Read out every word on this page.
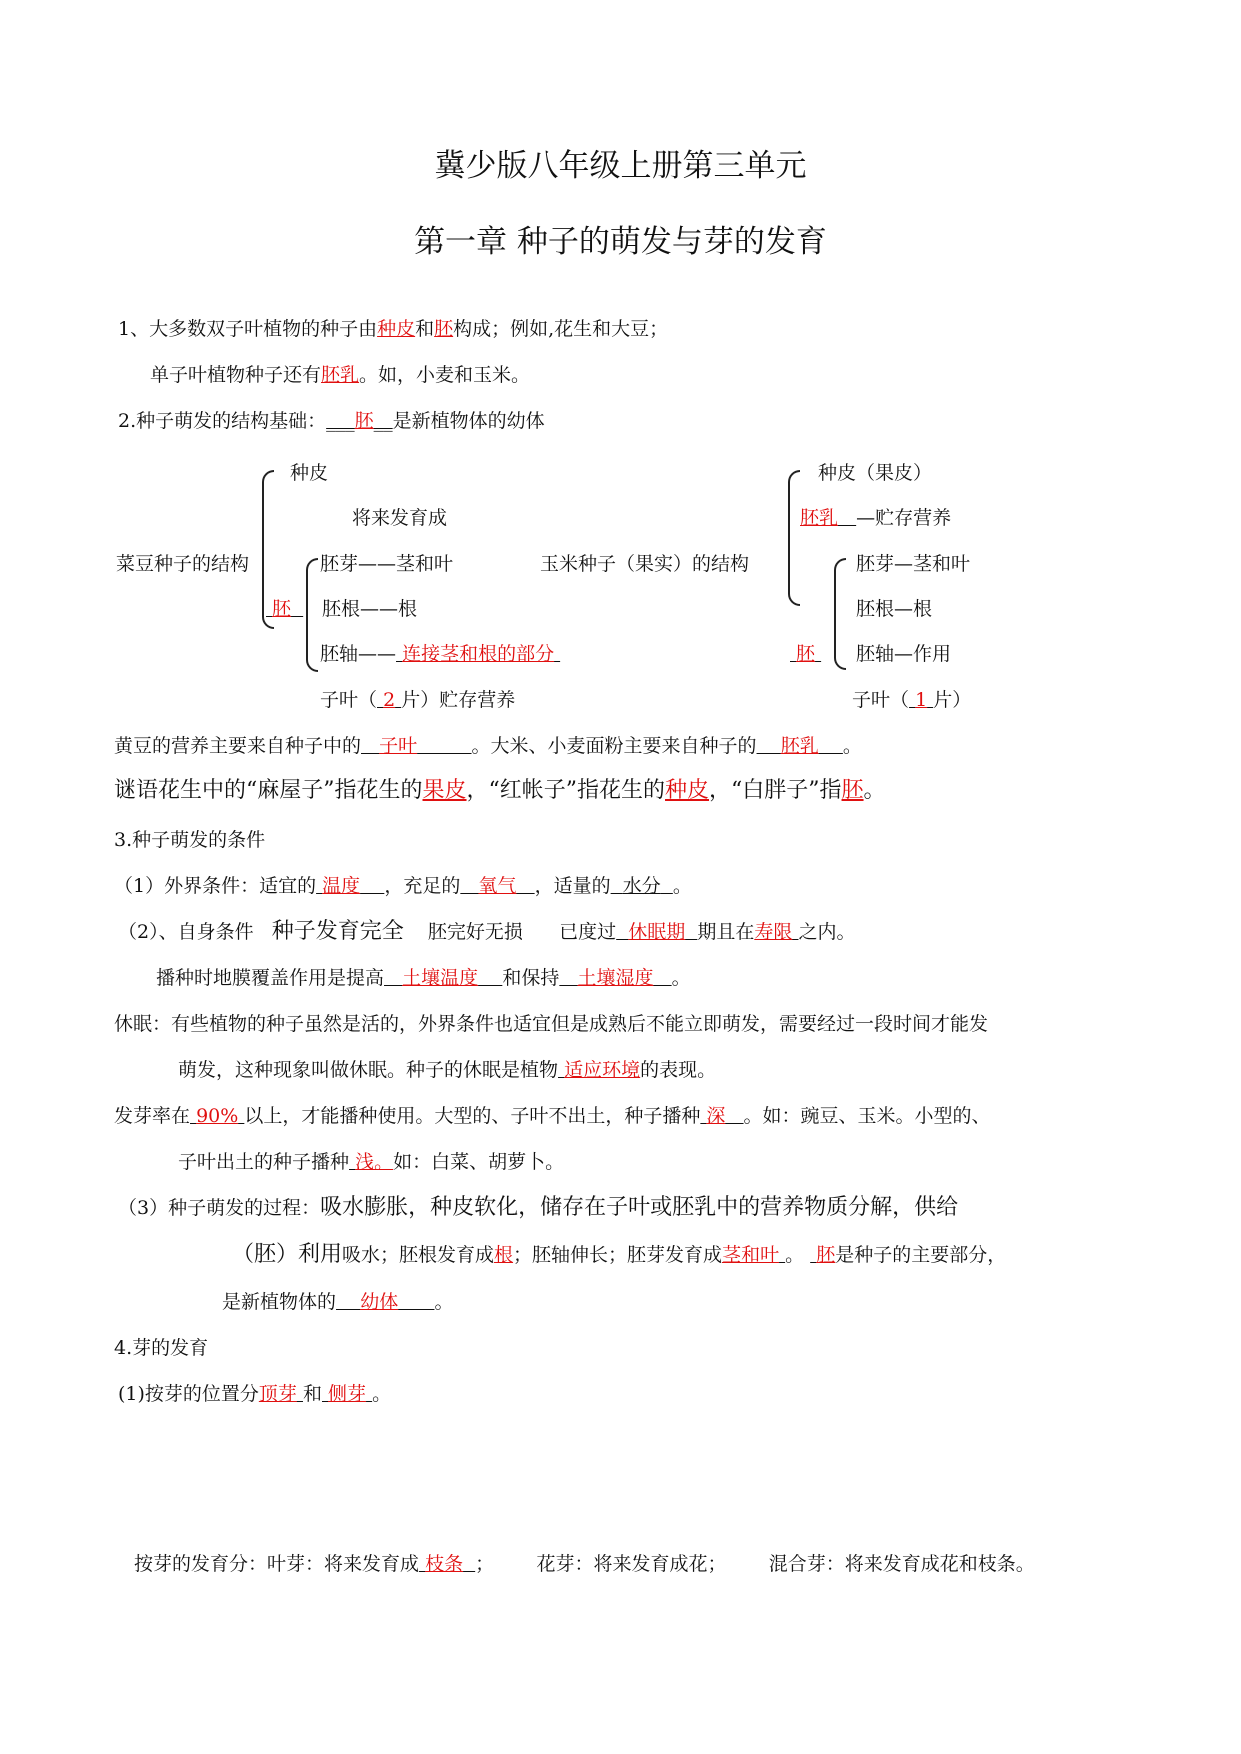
冀少版八年级上册第三单元
第一章 种子的萌发与芽的发育
1、大多数双子叶植物的种子由种皮和胚构成；例如,花生和大豆；
单子叶植物种子还有胚乳。如，小麦和玉米。
2.种子萌发的结构基础：___胚__是新植物体的幼体
种皮
将来发育成
菜豆种子的结构	胚芽——茎和叶
胚	胚根——根
胚轴—— 连接茎和根的部分
子叶（ 2 片）贮存营养
种皮（果皮）
胚乳 —贮存营养
玉米种子（果实）的结构	胚芽—茎和叶
胚根—根
胚	胚轴—作用
子叶（ 1 片）
黄豆的营养主要来自种子中的 子叶	。大米、小麦面粉主要来自种子的 胚乳 。
谜语花生中的“麻屋子”指花生的果皮，“红帐子”指花生的种皮，“白胖子”指胚。
3.种子萌发的条件
（1）外界条件：适宜的 温度 ，充足的 氧气 ，适量的 水分 。
（2）、自身条件 种子发育完全 胚完好无损 已度过 休眠期 期且在寿限 之内。
播种时地膜覆盖作用是提高 土壤温度 和保持 土壤湿度 。
休眠：有些植物的种子虽然是活的，外界条件也适宜但是成熟后不能立即萌发，需要经过一段时间才能发
萌发，这种现象叫做休眠。种子的休眠是植物 适应环境的表现。
发芽率在 90% 以上，才能播种使用。大型的、子叶不出土，种子播种 深 。如：豌豆、玉米。小型的、
子叶出土的种子播种 浅。如：白菜、胡萝卜。
（3）种子萌发的过程：吸水膨胀，种皮软化，储存在子叶或胚乳中的营养物质分解，供给
（胚）利用吸水；胚根发育成根；胚轴伸长；胚芽发育成茎和叶 。 胚是种子的主要部分，
是新植物体的 幼体 。
4.芽的发育
(1)按芽的位置分顶芽 和 侧芽 。
按芽的发育分：叶芽：将来发育成 枝条 ； 花芽：将来发育成花； 混合芽：将来发育成花和枝条。
